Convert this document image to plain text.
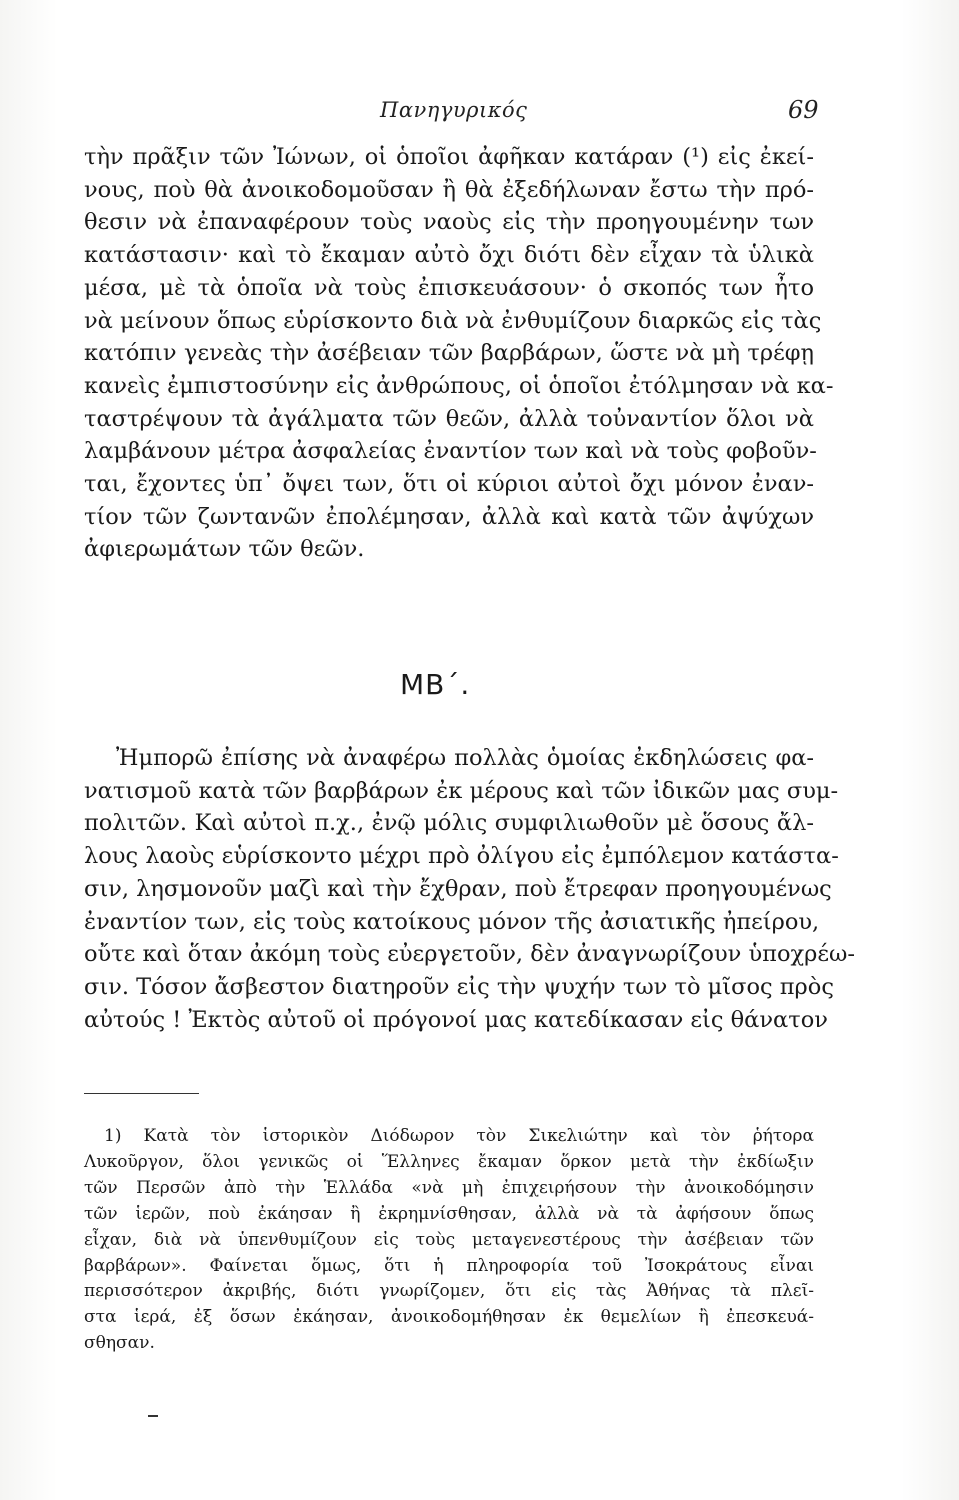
Πανηγυρικός	69
τὴν πρᾶξιν τῶν Ἰώνων, οἱ ὁποῖοι ἀφῆκαν κατάραν (¹) εἰς ἐκεί-
νους, ποὺ θὰ ἀνοικοδομοῦσαν ἢ θὰ ἐξεδήλωναν ἔστω τὴν πρό-
θεσιν νὰ ἐπαναφέρουν τοὺς ναοὺς εἰς τὴν προηγουμένην των
κατάστασιν· καὶ τὸ ἔκαμαν αὐτὸ ὄχι διότι δὲν εἶχαν τὰ ὑλικὰ
μέσα, μὲ τὰ ὁποῖα νὰ τοὺς ἐπισκευάσουν· ὁ σκοπός των ἦτο
νὰ μείνουν ὅπως εὑρίσκοντο διὰ νὰ ἐνθυμίζουν διαρκῶς εἰς τὰς
κατόπιν γενεὰς τὴν ἀσέβειαν τῶν βαρβάρων, ὥστε νὰ μὴ τρέφῃ
κανεὶς ἐμπιστοσύνην εἰς ἀνθρώπους, οἱ ὁποῖοι ἐτόλμησαν νὰ κα-
ταστρέψουν τὰ ἀγάλματα τῶν θεῶν, ἀλλὰ τοὐναντίον ὅλοι νὰ
λαμβάνουν μέτρα ἀσφαλείας ἐναντίον των καὶ νὰ τοὺς φοβοῦν-
ται, ἔχοντες ὑπ᾽ ὄψει των, ὅτι οἱ κύριοι αὐτοὶ ὄχι μόνον ἐναν-
τίον τῶν ζωντανῶν ἐπολέμησαν, ἀλλὰ καὶ κατὰ τῶν ἀψύχων
ἀφιερωμάτων τῶν θεῶν.
ΜΒ΄.
Ἠμπορῶ ἐπίσης νὰ ἀναφέρω πολλὰς ὁμοίας ἐκδηλώσεις φα-
νατισμοῦ κατὰ τῶν βαρβάρων ἐκ μέρους καὶ τῶν ἰδικῶν μας συμ-
πολιτῶν. Καὶ αὐτοὶ π.χ., ἐνῷ μόλις συμφιλιωθοῦν μὲ ὅσους ἄλ-
λους λαοὺς εὑρίσκοντο μέχρι πρὸ ὀλίγου εἰς ἐμπόλεμον κατάστα-
σιν, λησμονοῦν μαζὶ καὶ τὴν ἔχθραν, ποὺ ἔτρεφαν προηγουμένως
ἐναντίον των, εἰς τοὺς κατοίκους μόνον τῆς ἀσιατικῆς ἠπείρου,
οὔτε καὶ ὅταν ἀκόμη τοὺς εὐεργετοῦν, δὲν ἀναγνωρίζουν ὑποχρέω-
σιν. Τόσον ἄσβεστον διατηροῦν εἰς τὴν ψυχήν των τὸ μῖσος πρὸς
αὐτούς ! Ἐκτὸς αὐτοῦ οἱ πρόγονοί μας κατεδίκασαν εἰς θάνατον
1) Κατὰ τὸν ἱστορικὸν Διόδωρον τὸν Σικελιώτην καὶ τὸν ῥήτορα
Λυκοῦργον, ὅλοι γενικῶς οἱ Ἕλληνες ἔκαμαν ὅρκον μετὰ τὴν ἐκδίωξιν
τῶν Περσῶν ἀπὸ τὴν Ἑλλάδα «νὰ μὴ ἐπιχειρήσουν τὴν ἀνοικοδόμησιν
τῶν ἱερῶν, ποὺ ἐκάησαν ἢ ἐκρημνίσθησαν, ἀλλὰ νὰ τὰ ἀφήσουν ὅπως
εἶχαν, διὰ νὰ ὑπενθυμίζουν εἰς τοὺς μεταγενεστέρους τὴν ἀσέβειαν τῶν
βαρβάρων». Φαίνεται ὅμως, ὅτι ἡ πληροφορία τοῦ Ἰσοκράτους εἶναι
περισσότερον ἀκριβής, διότι γνωρίζομεν, ὅτι εἰς τὰς Ἀθήνας τὰ πλεῖ-
στα ἱερά, ἐξ ὅσων ἐκάησαν, ἀνοικοδομήθησαν ἐκ θεμελίων ἢ ἐπεσκευά-
σθησαν.
